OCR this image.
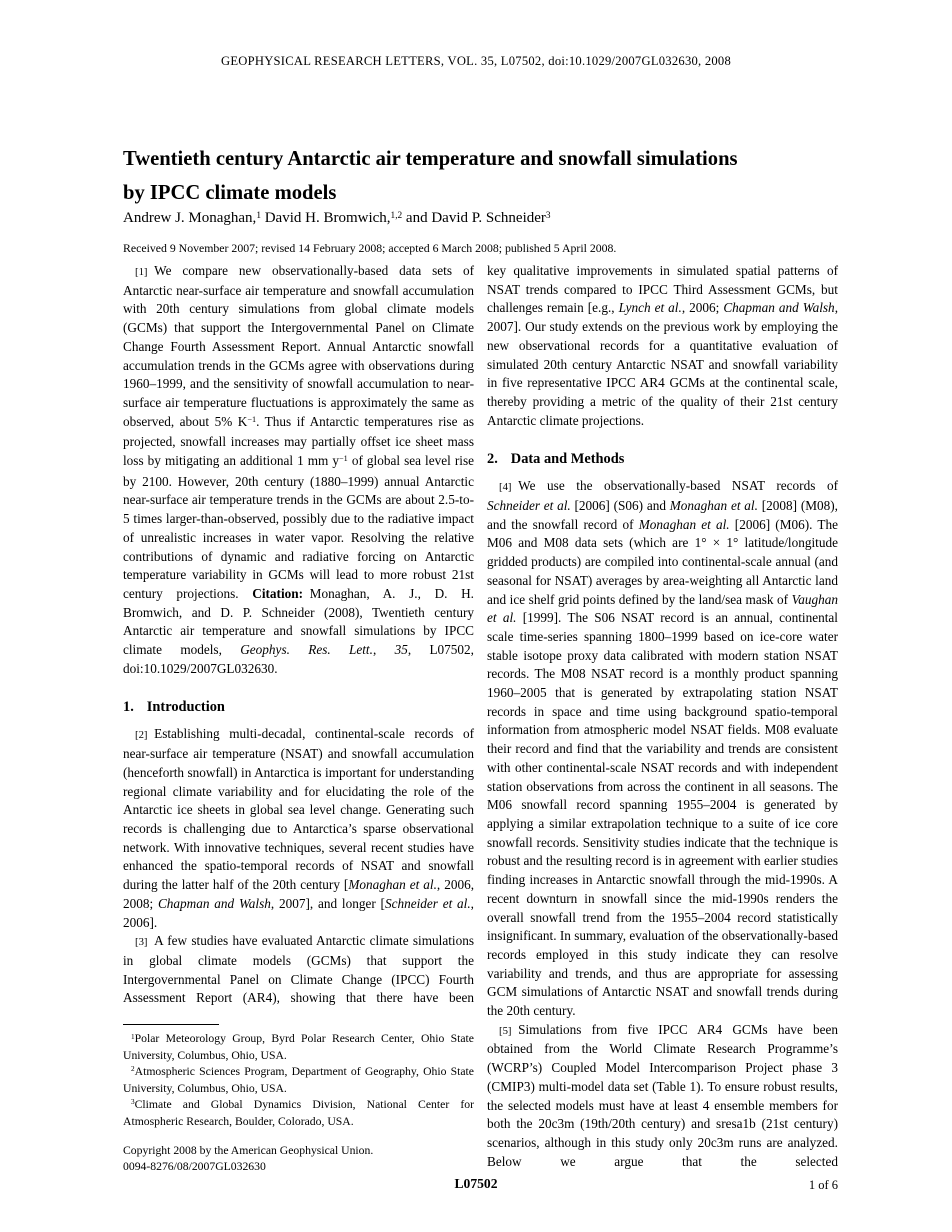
GEOPHYSICAL RESEARCH LETTERS, VOL. 35, L07502, doi:10.1029/2007GL032630, 2008
Twentieth century Antarctic air temperature and snowfall simulations
by IPCC climate models
Andrew J. Monaghan,$^1$ David H. Bromwich,$^{1,2}$ and David P. Schneider$^3$
Received 9 November 2007; revised 14 February 2008; accepted 6 March 2008; published 5 April 2008.

[1] We compare new observationally-based data sets of Antarctic near-surface air temperature and snowfall accumulation with 20th century simulations from global climate models (GCMs) that support the Intergovernmental Panel on Climate Change Fourth Assessment Report. Annual Antarctic snowfall accumulation trends in the GCMs agree with observations during 1960–1999, and the sensitivity of snowfall accumulation to near-surface air temperature fluctuations is approximately the same as observed, about 5% $K^{-1}$. Thus if Antarctic temperatures rise as projected, snowfall increases may partially offset ice sheet mass loss by mitigating an additional 1 mm $y^{-1}$ of global sea level rise by 2100. However, 20th century (1880–1999) annual Antarctic near-surface air temperature trends in the GCMs are about 2.5-to-5 times larger-than-observed, possibly due to the radiative impact of unrealistic increases in water vapor. Resolving the relative contributions of dynamic and radiative forcing on Antarctic temperature variability in GCMs will lead to more robust 21st century projections. Citation: Monaghan, A. J., D. H. Bromwich, and D. P. Schneider (2008), Twentieth century Antarctic air temperature and snowfall simulations by IPCC climate models, Geophys. Res. Lett., 35, L07502, doi:10.1029/2007GL032630.

1. Introduction

[2] Establishing multi-decadal, continental-scale records of near-surface air temperature (NSAT) and snowfall accumulation (henceforth snowfall) in Antarctica is important for understanding regional climate variability and for elucidating the role of the Antarctic ice sheets in global sea level change. Generating such records is challenging due to Antarctica’s sparse observational network. With innovative techniques, several recent studies have enhanced the spatio-temporal records of NSAT and snowfall during the latter half of the 20th century [Monaghan et al., 2006, 2008; Chapman and Walsh, 2007], and longer [Schneider et al., 2006].

[3] A few studies have evaluated Antarctic climate simulations in global climate models (GCMs) that support the Intergovernmental Panel on Climate Change (IPCC) Fourth Assessment Report (AR4), showing that there have been

$^1$Polar Meteorology Group, Byrd Polar Research Center, Ohio State University, Columbus, Ohio, USA.

$^2$Atmospheric Sciences Program, Department of Geography, Ohio State University, Columbus, Ohio, USA.

$^3$Climate and Global Dynamics Division, National Center for Atmospheric Research, Boulder, Colorado, USA.

Copyright 2008 by the American Geophysical Union.

0094-8276/08/2007GL032630

key qualitative improvements in simulated spatial patterns of NSAT trends compared to IPCC Third Assessment GCMs, but challenges remain [e.g., Lynch et al., 2006; Chapman and Walsh, 2007]. Our study extends on the previous work by employing the new observational records for a quantitative evaluation of simulated 20th century Antarctic NSAT and snowfall variability in five representative IPCC AR4 GCMs at the continental scale, thereby providing a metric of the quality of their 21st century Antarctic climate projections.

2. Data and Methods

[4] We use the observationally-based NSAT records of Schneider et al. [2006] (S06) and Monaghan et al. [2008] (M08), and the snowfall record of Monaghan et al. [2006] (M06). The M06 and M08 data sets (which are 1° × 1° latitude/longitude gridded products) are compiled into continental-scale annual (and seasonal for NSAT) averages by area-weighting all Antarctic land and ice shelf grid points defined by the land/sea mask of Vaughan et al. [1999]. The S06 NSAT record is an annual, continental scale time-series spanning 1800–1999 based on ice-core water stable isotope proxy data calibrated with modern station NSAT records. The M08 NSAT record is a monthly product spanning 1960–2005 that is generated by extrapolating station NSAT records in space and time using background spatio-temporal information from atmospheric model NSAT fields. M08 evaluate their record and find that the variability and trends are consistent with other continental-scale NSAT records and with independent station observations from across the continent in all seasons. The M06 snowfall record spanning 1955–2004 is generated by applying a similar extrapolation technique to a suite of ice core snowfall records. Sensitivity studies indicate that the technique is robust and the resulting record is in agreement with earlier studies finding increases in Antarctic snowfall through the mid-1990s. A recent downturn in snowfall since the mid-1990s renders the overall snowfall trend from the 1955–2004 record statistically insignificant. In summary, evaluation of the observationally-based records employed in this study indicate they can resolve variability and trends, and thus are appropriate for assessing GCM simulations of Antarctic NSAT and snowfall trends during the 20th century.

[5] Simulations from five IPCC AR4 GCMs have been obtained from the World Climate Research Programme’s (WCRP’s) Coupled Model Intercomparison Project phase 3 (CMIP3) multi-model data set (Table 1). To ensure robust results, the selected models must have at least 4 ensemble members for both the 20c3m (19th/20th century) and sresa1b (21st century) scenarios, although in this study only 20c3m runs are analyzed. Below we argue that the selected

L07502	1 of 6
